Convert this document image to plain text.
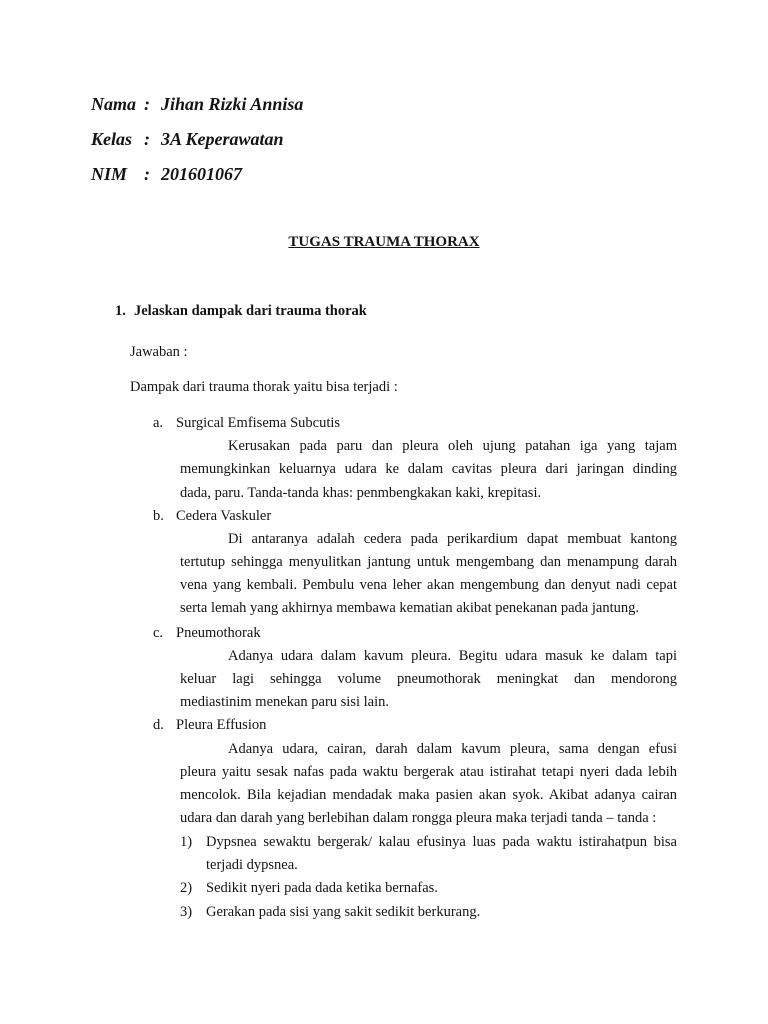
Nama : Jihan Rizki Annisa
Kelas : 3A Keperawatan
NIM : 201601067
TUGAS TRAUMA THORAX
1. Jelaskan dampak dari trauma thorak
Jawaban :
Dampak dari trauma thorak yaitu bisa terjadi :
a. Surgical Emfisema Subcutis
Kerusakan pada paru dan pleura oleh ujung patahan iga yang tajam
memungkinkan keluarnya udara ke dalam cavitas pleura dari jaringan dinding
dada, paru. Tanda-tanda khas: penmbengkakan kaki, krepitasi.
b. Cedera Vaskuler
Di antaranya adalah cedera pada perikardium dapat membuat kantong
tertutup sehingga menyulitkan jantung untuk mengembang dan menampung darah
vena yang kembali. Pembulu vena leher akan mengembung dan denyut nadi cepat
serta lemah yang akhirnya membawa kematian akibat penekanan pada jantung.
c. Pneumothorak
Adanya udara dalam kavum pleura. Begitu udara masuk ke dalam tapi
keluar lagi sehingga volume pneumothorak meningkat dan mendorong
mediastinim menekan paru sisi lain.
d. Pleura Effusion
Adanya udara, cairan, darah dalam kavum pleura, sama dengan efusi
pleura yaitu sesak nafas pada waktu bergerak atau istirahat tetapi nyeri dada lebih
mencolok. Bila kejadian mendadak maka pasien akan syok. Akibat adanya cairan
udara dan darah yang berlebihan dalam rongga pleura maka terjadi tanda – tanda :
1) Dypsnea sewaktu bergerak/ kalau efusinya luas pada waktu istirahatpun bisa
terjadi dypsnea.
2) Sedikit nyeri pada dada ketika bernafas.
3) Gerakan pada sisi yang sakit sedikit berkurang.
